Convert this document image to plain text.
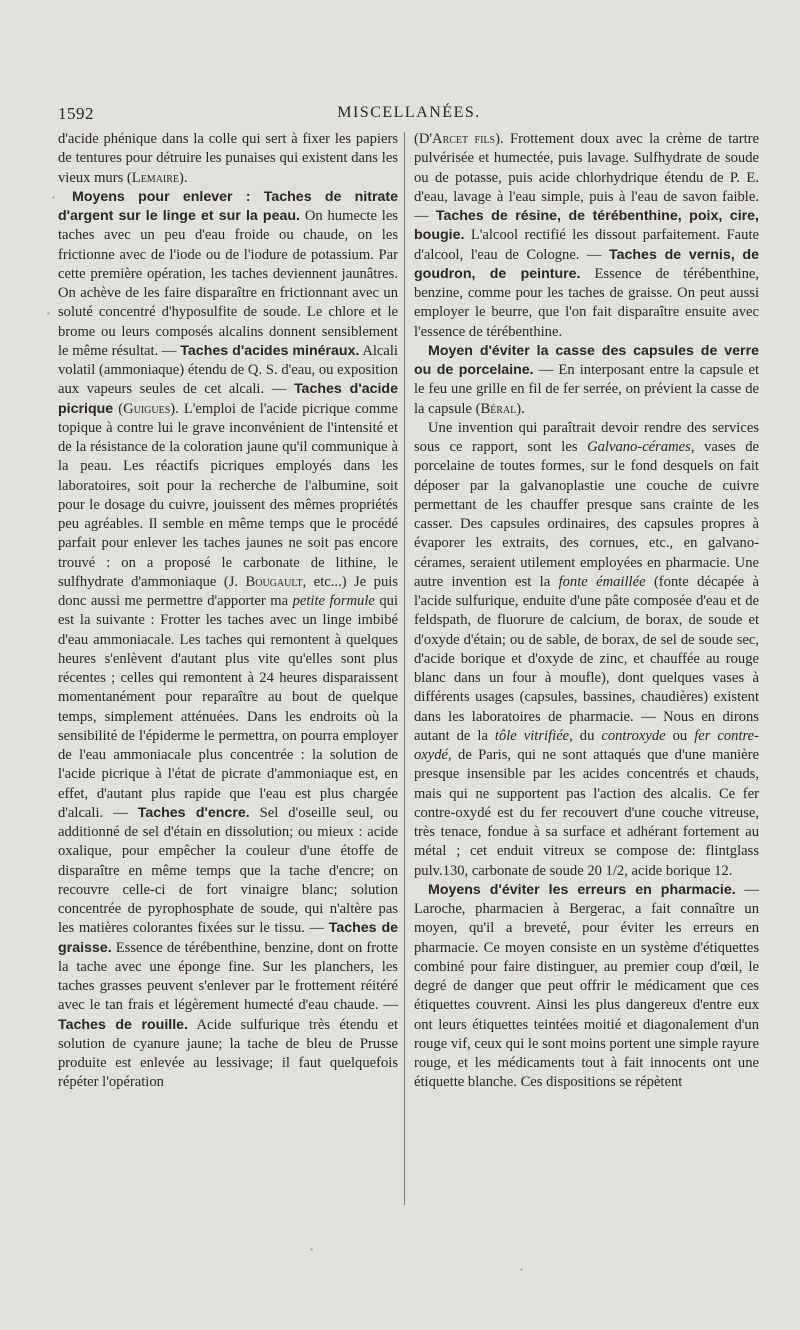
1592	MISCELLANÉES.

d'acide phénique dans la colle qui sert à fixer les papiers de tentures pour détruire les punaises qui existent dans les vieux murs (Lemaire).

Moyens pour enlever : Taches de nitrate d'argent sur le linge et sur la peau. On humecte les taches avec un peu d'eau froide ou chaude, on les frictionne avec de l'iode ou de l'iodure de potassium. Par cette première opération, les taches deviennent jaunâtres. On achève de les faire disparaître en frictionnant avec un soluté concentré d'hyposulfite de soude. Le chlore et le brome ou leurs composés alcalins donnent sensiblement le même résultat. — Taches d'acides minéraux. Alcali volatil (ammoniaque) étendu de Q. S. d'eau, ou exposition aux vapeurs seules de cet alcali. — Taches d'acide picrique (Guigues). L'emploi de l'acide picrique comme topique à contre lui le grave inconvénient de l'intensité et de la résistance de la coloration jaune qu'il communique à la peau. Les réactifs picriques employés dans les laboratoires, soit pour la recherche de l'albumine, soit pour le dosage du cuivre, jouissent des mêmes propriétés peu agréables. Il semble en même temps que le procédé parfait pour enlever les taches jaunes ne soit pas encore trouvé : on a proposé le carbonate de lithine, le sulfhydrate d'ammoniaque (J. Bougault, etc...) Je puis donc aussi me permettre d'apporter ma petite formule qui est la suivante : Frotter les taches avec un linge imbibé d'eau ammoniacale. Les taches qui remontent à quelques heures s'enlèvent d'autant plus vite qu'elles sont plus récentes ; celles qui remontent à 24 heures disparaissent momentanément pour reparaître au bout de quelque temps, simplement atténuées. Dans les endroits où la sensibilité de l'épiderme le permettra, on pourra employer de l'eau ammoniacale plus concentrée : la solution de l'acide picrique à l'état de picrate d'ammoniaque est, en effet, d'autant plus rapide que l'eau est plus chargée d'alcali. — Taches d'encre. Sel d'oseille seul, ou additionné de sel d'étain en dissolution; ou mieux : acide oxalique, pour empêcher la couleur d'une étoffe de disparaître en même temps que la tache d'encre; on recouvre celle-ci de fort vinaigre blanc; solution concentrée de pyrophosphate de soude, qui n'altère pas les matières colorantes fixées sur le tissu. — Taches de graisse. Essence de térébenthine, benzine, dont on frotte la tache avec une éponge fine. Sur les planchers, les taches grasses peuvent s'enlever par le frottement réitéré avec le tan frais et légèrement humecté d'eau chaude. — Taches de rouille. Acide sulfurique très étendu et solution de cyanure jaune; la tache de bleu de Prusse produite est enlevée au lessivage; il faut quelquefois répéter l'opération

(D'Arcet fils). Frottement doux avec la crème de tartre pulvérisée et humectée, puis lavage. Sulfhydrate de soude ou de potasse, puis acide chlorhydrique étendu de P. E. d'eau, lavage à l'eau simple, puis à l'eau de savon faible. — Taches de résine, de térébenthine, poix, cire, bougie. L'alcool rectifié les dissout parfaitement. Faute d'alcool, l'eau de Cologne. — Taches de vernis, de goudron, de peinture. Essence de térébenthine, benzine, comme pour les taches de graisse. On peut aussi employer le beurre, que l'on fait disparaître ensuite avec l'essence de térébenthine.

Moyen d'éviter la casse des capsules de verre ou de porcelaine. — En interposant entre la capsule et le feu une grille en fil de fer serrée, on prévient la casse de la capsule (Béral).

Une invention qui paraîtrait devoir rendre des services sous ce rapport, sont les Galvano-cérames, vases de porcelaine de toutes formes, sur le fond desquels on fait déposer par la galvanoplastie une couche de cuivre permettant de les chauffer presque sans crainte de les casser. Des capsules ordinaires, des capsules propres à évaporer les extraits, des cornues, etc., en galvano-cérames, seraient utilement employées en pharmacie. Une autre invention est la fonte émaillée (fonte décapée à l'acide sulfurique, enduite d'une pâte composée d'eau et de feldspath, de fluorure de calcium, de borax, de soude et d'oxyde d'étain; ou de sable, de borax, de sel de soude sec, d'acide borique et d'oxyde de zinc, et chauffée au rouge blanc dans un four à moufle), dont quelques vases à différents usages (capsules, bassines, chaudières) existent dans les laboratoires de pharmacie. — Nous en dirons autant de la tôle vitrifiée, du controxyde ou fer contre-oxydé, de Paris, qui ne sont attaqués que d'une manière presque insensible par les acides concentrés et chauds, mais qui ne supportent pas l'action des alcalis. Ce fer contre-oxydé est du fer recouvert d'une couche vitreuse, très tenace, fondue à sa surface et adhérant fortement au métal ; cet enduit vitreux se compose de: flintglass pulv.130, carbonate de soude 20 1/2, acide borique 12.

Moyens d'éviter les erreurs en pharmacie. — Laroche, pharmacien à Bergerac, a fait connaître un moyen, qu'il a breveté, pour éviter les erreurs en pharmacie. Ce moyen consiste en un système d'étiquettes combiné pour faire distinguer, au premier coup d'œil, le degré de danger que peut offrir le médicament que ces étiquettes couvrent. Ainsi les plus dangereux d'entre eux ont leurs étiquettes teintées moitié et diagonalement d'un rouge vif, ceux qui le sont moins portent une simple rayure rouge, et les médicaments tout à fait innocents ont une étiquette blanche. Ces dispositions se répètent
